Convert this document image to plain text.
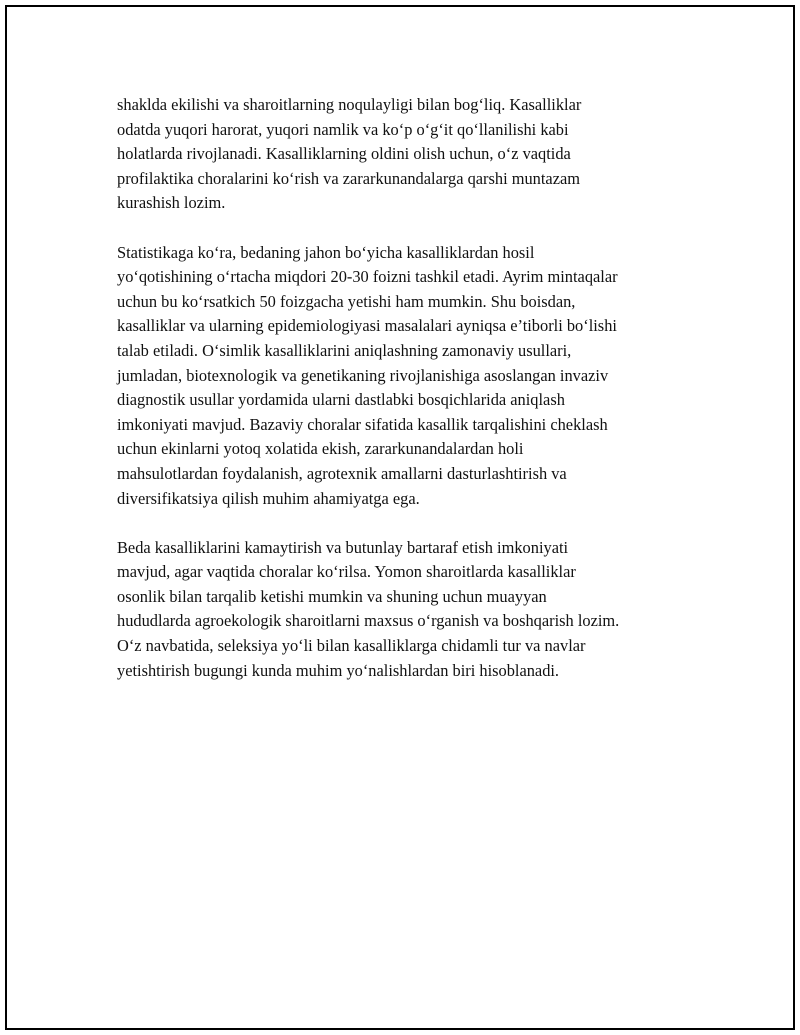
shaklda ekilishi va sharoitlarning noqulayligi bilan bog‘liq. Kasalliklar
odatda yuqori harorat, yuqori namlik va ko‘p o‘g‘it qo‘llanilishi kabi
holatlarda rivojlanadi. Kasalliklarning oldini olish uchun, o‘z vaqtida
profilaktika choralarini ko‘rish va zararkunandalarga qarshi muntazam
kurashish lozim.

Statistikaga ko‘ra, bedaning jahon bo‘yicha kasalliklardan hosil
yo‘qotishining o‘rtacha miqdori 20-30 foizni tashkil etadi. Ayrim mintaqalar
uchun bu ko‘rsatkich 50 foizgacha yetishi ham mumkin. Shu boisdan,
kasalliklar va ularning epidemiologiyasi masalalari ayniqsa e’tiborli bo‘lishi
talab etiladi. O‘simlik kasalliklarini aniqlashning zamonaviy usullari,
jumladan, biotexnologik va genetikaning rivojlanishiga asoslangan invaziv
diagnostik usullar yordamida ularni dastlabki bosqichlarida aniqlash
imkoniyati mavjud. Bazaviy choralar sifatida kasallik tarqalishini cheklash
uchun ekinlarni yotoq xolatida ekish, zararkunandalardan holi
mahsulotlardan foydalanish, agrotexnik amallarni dasturlashtirish va
diversifikatsiya qilish muhim ahamiyatga ega.

Beda kasalliklarini kamaytirish va butunlay bartaraf etish imkoniyati
mavjud, agar vaqtida choralar ko‘rilsa. Yomon sharoitlarda kasalliklar
osonlik bilan tarqalib ketishi mumkin va shuning uchun muayyan
hududlarda agroekologik sharoitlarni maxsus o‘rganish va boshqarish lozim.
O‘z navbatida, seleksiya yo‘li bilan kasalliklarga chidamli tur va navlar
yetishtirish bugungi kunda muhim yo‘nalishlardan biri hisoblanadi.
